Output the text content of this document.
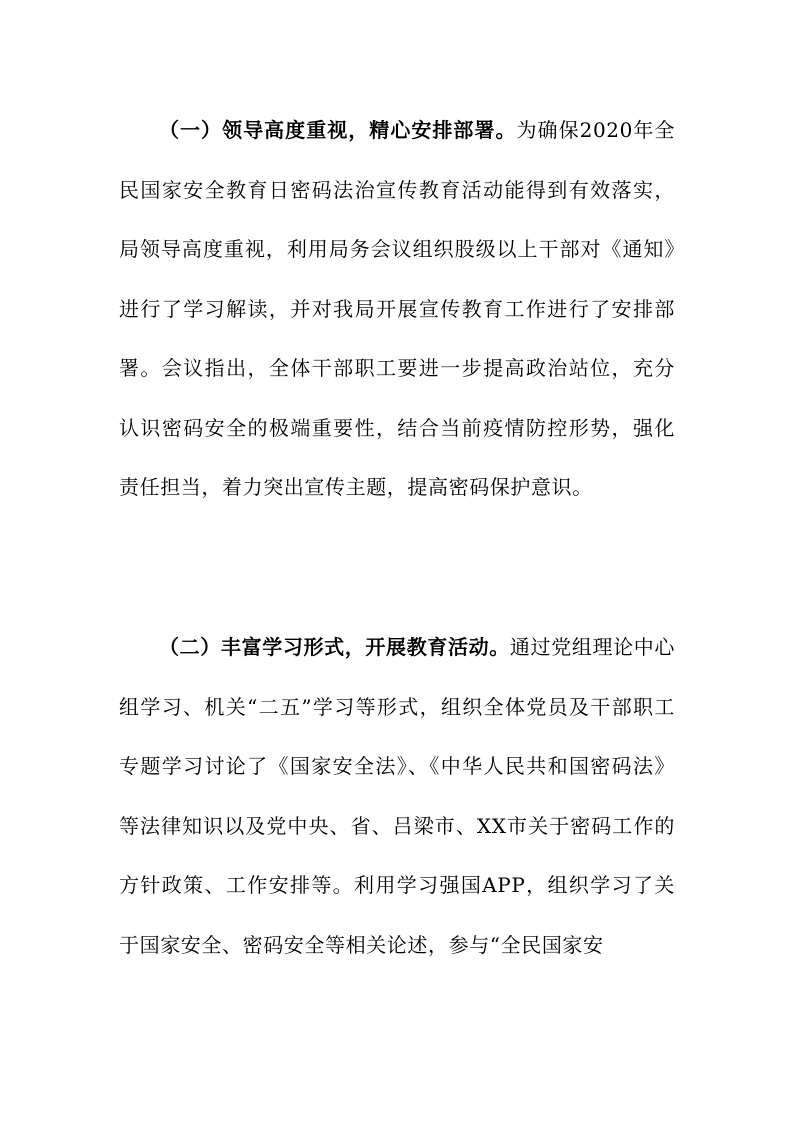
（一）领导高度重视，精心安排部署。为确保2020年全民国家安全教育日密码法治宣传教育活动能得到有效落实，局领导高度重视，利用局务会议组织股级以上干部对《通知》进行了学习解读，并对我局开展宣传教育工作进行了安排部署。会议指出，全体干部职工要进一步提高政治站位，充分认识密码安全的极端重要性，结合当前疫情防控形势，强化责任担当，着力突出宣传主题，提高密码保护意识。

（二）丰富学习形式，开展教育活动。通过党组理论中心组学习、机关“二五”学习等形式，组织全体党员及干部职工专题学习讨论了《国家安全法》、《中华人民共和国密码法》等法律知识以及党中央、省、吕梁市、XX市关于密码工作的方针政策、工作安排等。利用学习强国APP，组织学习了关于国家安全、密码安全等相关论述，参与“全民国家安
